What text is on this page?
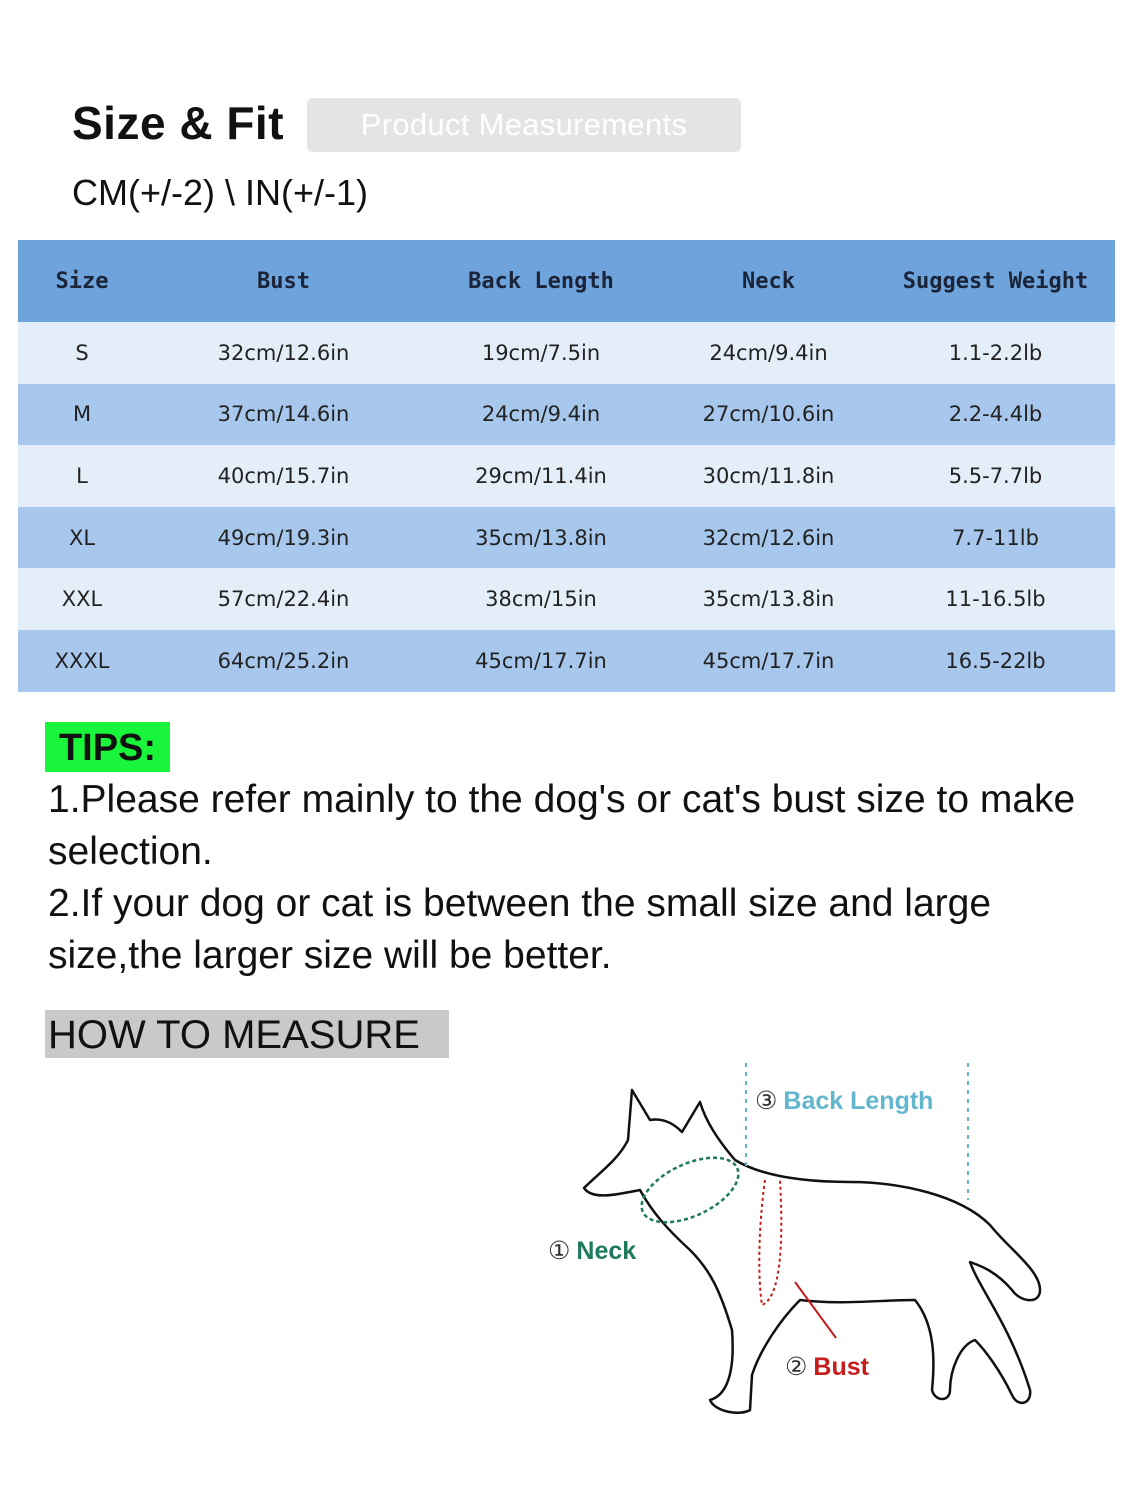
Size & Fit	Product Measurements
CM(+/-2) \ IN(+/-1)
Size	Bust	Back Length	Neck	Suggest Weight
S	32cm/12.6in	19cm/7.5in	24cm/9.4in	1.1-2.2lb
M	37cm/14.6in	24cm/9.4in	27cm/10.6in	2.2-4.4lb
L	40cm/15.7in	29cm/11.4in	30cm/11.8in	5.5-7.7lb
XL	49cm/19.3in	35cm/13.8in	32cm/12.6in	7.7-11lb
XXL	57cm/22.4in	38cm/15in	35cm/13.8in	11-16.5lb
XXXL	64cm/25.2in	45cm/17.7in	45cm/17.7in	16.5-22lb
TIPS:

1.Please refer mainly to the dog's or cat's bust size to make selection.

2.If your dog or cat is between the small size and large size,the larger size will be better.

HOW TO MEASURE
③ Back Length
① Neck
② Bust
